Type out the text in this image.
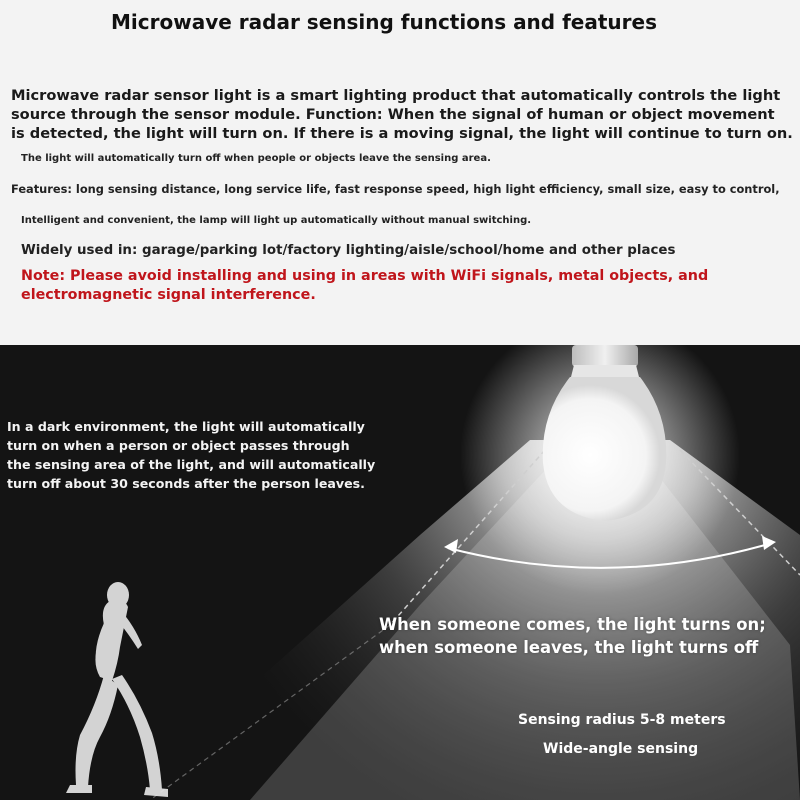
Microwave radar sensing functions and features
Microwave radar sensor light is a smart lighting product that automatically controls the light source through the sensor module. Function: When the signal of human or object movement is detected, the light will turn on. If there is a moving signal, the light will continue to turn on.
The light will automatically turn off when people or objects leave the sensing area.
Features: long sensing distance, long service life, fast response speed, high light efficiency, small size, easy to control,
Intelligent and convenient, the lamp will light up automatically without manual switching.
Widely used in: garage/parking lot/factory lighting/aisle/school/home and other places
Note: Please avoid installing and using in areas with WiFi signals, metal objects, and electromagnetic signal interference.
In a dark environment, the light will automatically turn on when a person or object passes through the sensing area of the light, and will automatically turn off about 30 seconds after the person leaves.
When someone comes, the light turns on; when someone leaves, the light turns off
Sensing radius 5-8 meters
Wide-angle sensing
